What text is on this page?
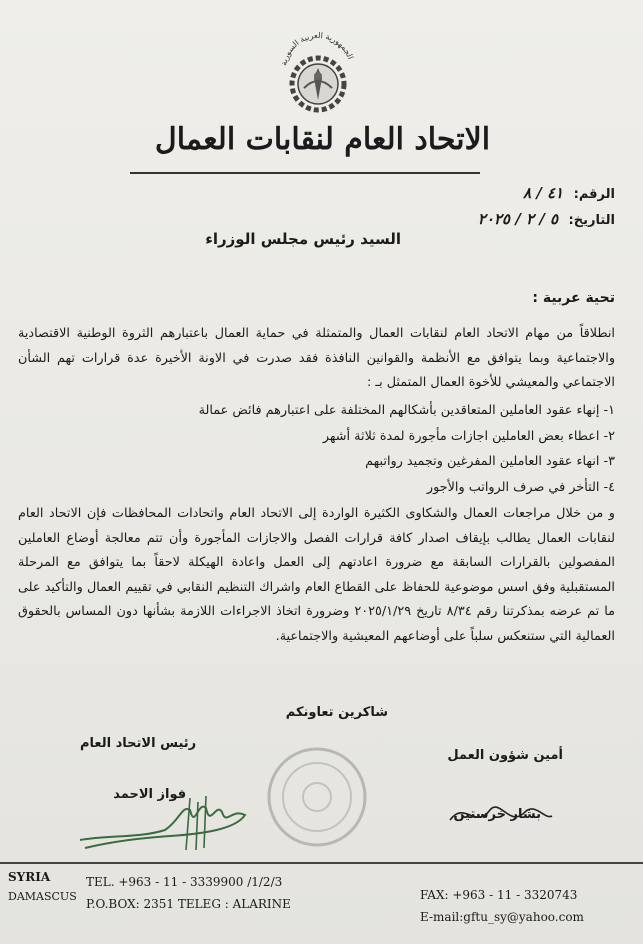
الجمهورية العربية السورية
الاتحاد العام لنقابات العمال
الرقم: ٤١ / ٨
التاريخ: ٥ / ٢ / ٢٠٢٥
السيد رئيس مجلس الوزراء
تحية عربية :
انطلاقاً من مهام الاتحاد العام لنقابات العمال والمتمثلة في حماية العمال باعتبارهم الثروة الوطنية الاقتصادية والاجتماعية وبما يتوافق مع الأنظمة والقوانين النافذة فقد صدرت في الاونة الأخيرة عدة قرارات تهم الشأن الاجتماعي والمعيشي للأخوة العمال المتمثل بـ :
١- إنهاء عقود العاملين المتعاقدين بأشكالهم المختلفة على اعتبارهم فائض عمالة
٢- اعطاء بعض العاملين اجازات مأجورة لمدة ثلاثة أشهر
٣- انهاء عقود العاملين المفرغين وتجميد رواتبهم
٤- التأخر في صرف الرواتب والأجور
و من خلال مراجعات العمال والشكاوى الكثيرة الواردة إلى الاتحاد العام واتحادات المحافظات فإن الاتحاد العام لنقابات العمال يطالب بإيقاف اصدار كافة قرارات الفصل والاجازات المأجورة وأن تتم معالجة أوضاع العاملين المفصولين بالقرارات السابقة مع ضرورة اعادتهم إلى العمل واعادة الهيكلة لاحقاً بما يتوافق مع المرحلة المستقبلية وفق اسس موضوعية للحفاظ على القطاع العام واشراك التنظيم النقابي في تقييم العمال والتأكيد على ما تم عرضه بمذكرتنا رقم ٨/٣٤ تاريخ ٢٠٢٥/١/٢٩ وضرورة اتخاذ الاجراءات اللازمة بشأنها دون المساس بالحقوق العمالية التي ستنعكس سلباً على أوضاعهم المعيشية والاجتماعية.
شاكرين تعاونكم
رئيس الاتحاد العام
فواز الاحمد
أمين شؤون العمل
بشار خرستين
SYRIA
DAMASCUS
TEL. +963 - 11 - 3339900 /1/2/3
P.O.BOX: 2351 TELEG : ALARINE
FAX: +963 - 11 - 3320743
E-mail:gftu_sy@yahoo.com
